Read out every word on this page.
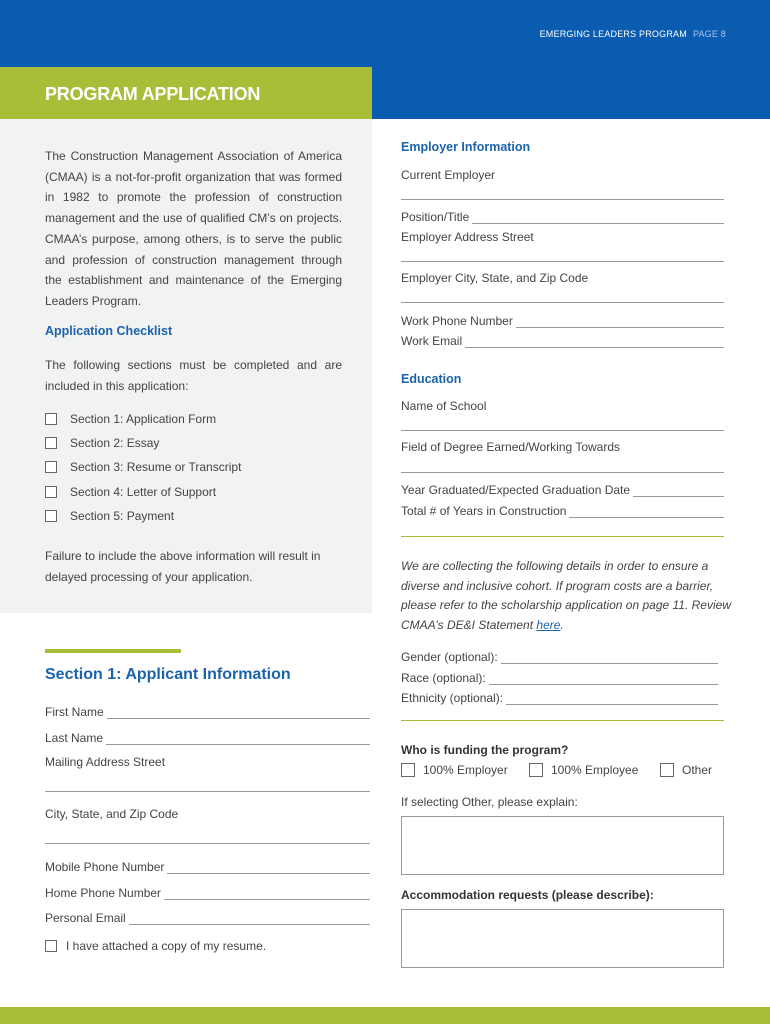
EMERGING LEADERS PROGRAM PAGE 8
PROGRAM APPLICATION

The Construction Management Association of America (CMAA) is a not-for-profit organization that was formed in 1982 to promote the profession of construction management and the use of qualified CM’s on projects. CMAA’s purpose, among others, is to serve the public and profession of construction management through the establishment and maintenance of the Emerging Leaders Program.

Application Checklist

The following sections must be completed and are included in this application:

Section 1: Application Form
Section 2: Essay
Section 3: Resume or Transcript
Section 4: Letter of Support
Section 5: Payment

Failure to include the above information will result in delayed processing of your application.

Section 1: Applicant Information
First Name
Last Name
Mailing Address Street
City, State, and Zip Code
Mobile Phone Number
Home Phone Number
Personal Email
I have attached a copy of my resume.
Employer Information
Current Employer
Position/Title
Employer Address Street
Employer City, State, and Zip Code
Work Phone Number
Work Email
Education
Name of School
Field of Degree Earned/Working Towards
Year Graduated/Expected Graduation Date
Total # of Years in Construction

We are collecting the following details in order to ensure a diverse and inclusive cohort. If program costs are a barrier, please refer to the scholarship application on page 11. Review CMAA’s DE&I Statement here.

Gender (optional):
Race (optional):
Ethnicity (optional):
Who is funding the program?
100% Employer	100% Employee	Other
If selecting Other, please explain:
Accommodation requests (please describe):
